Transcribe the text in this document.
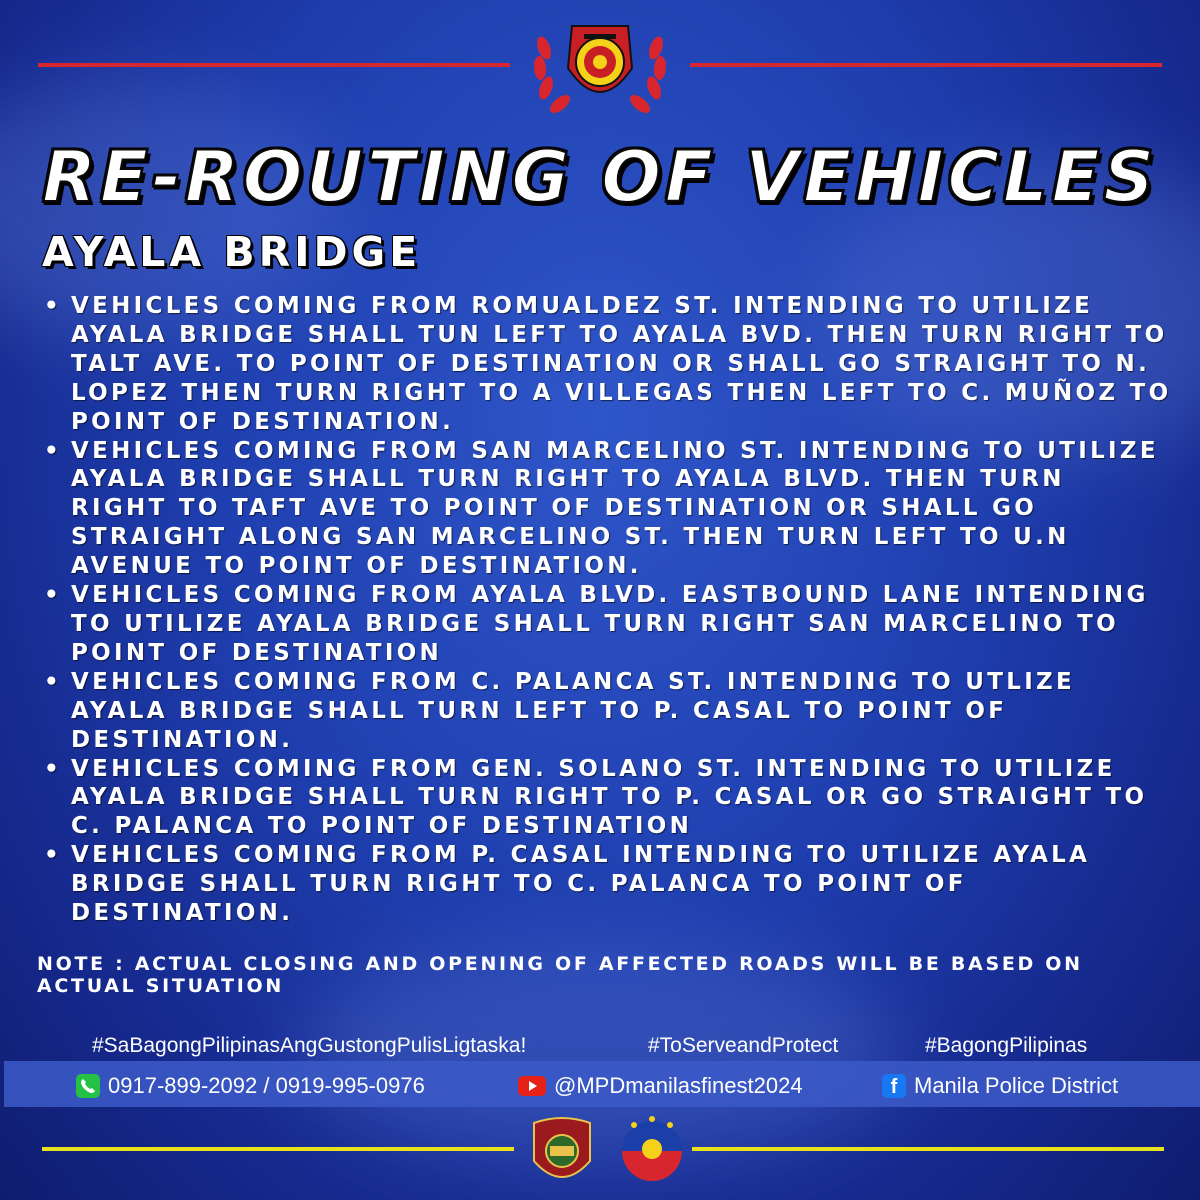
RE-ROUTING OF VEHICLES
AYALA BRIDGE
• VEHICLES COMING FROM ROMUALDEZ ST. INTENDING TO UTILIZE AYALA BRIDGE SHALL TUN LEFT TO AYALA BVD. THEN TURN RIGHT TO TALT AVE. TO POINT OF DESTINATION OR SHALL GO STRAIGHT TO N. LOPEZ THEN TURN RIGHT TO A VILLEGAS THEN LEFT TO C. MUÑOZ TO POINT OF DESTINATION.
• VEHICLES COMING FROM SAN MARCELINO ST. INTENDING TO UTILIZE AYALA BRIDGE SHALL TURN RIGHT TO AYALA BLVD. THEN TURN RIGHT TO TAFT AVE TO POINT OF DESTINATION OR SHALL GO STRAIGHT ALONG SAN MARCELINO ST. THEN TURN LEFT TO U.N AVENUE TO POINT OF DESTINATION.
• VEHICLES COMING FROM AYALA BLVD. EASTBOUND LANE INTENDING TO UTILIZE AYALA BRIDGE SHALL TURN RIGHT SAN MARCELINO TO POINT OF DESTINATION
• VEHICLES COMING FROM C. PALANCA ST. INTENDING TO UTLIZE AYALA BRIDGE SHALL TURN LEFT TO P. CASAL TO POINT OF DESTINATION.
• VEHICLES COMING FROM GEN. SOLANO ST. INTENDING TO UTILIZE AYALA BRIDGE SHALL TURN RIGHT TO P. CASAL OR GO STRAIGHT TO C. PALANCA TO POINT OF DESTINATION
• VEHICLES COMING FROM P. CASAL INTENDING TO UTILIZE AYALA BRIDGE SHALL TURN RIGHT TO C. PALANCA TO POINT OF DESTINATION.
NOTE : ACTUAL CLOSING AND OPENING OF AFFECTED ROADS WILL BE BASED ON ACTUAL SITUATION
#SaBagongPilipinasAngGustongPulisLigtaska!	#ToServeandProtect	#BagongPilipinas
0917-899-2092 / 0919-995-0976	@MPDmanilasfinest2024	f Manila Police District
